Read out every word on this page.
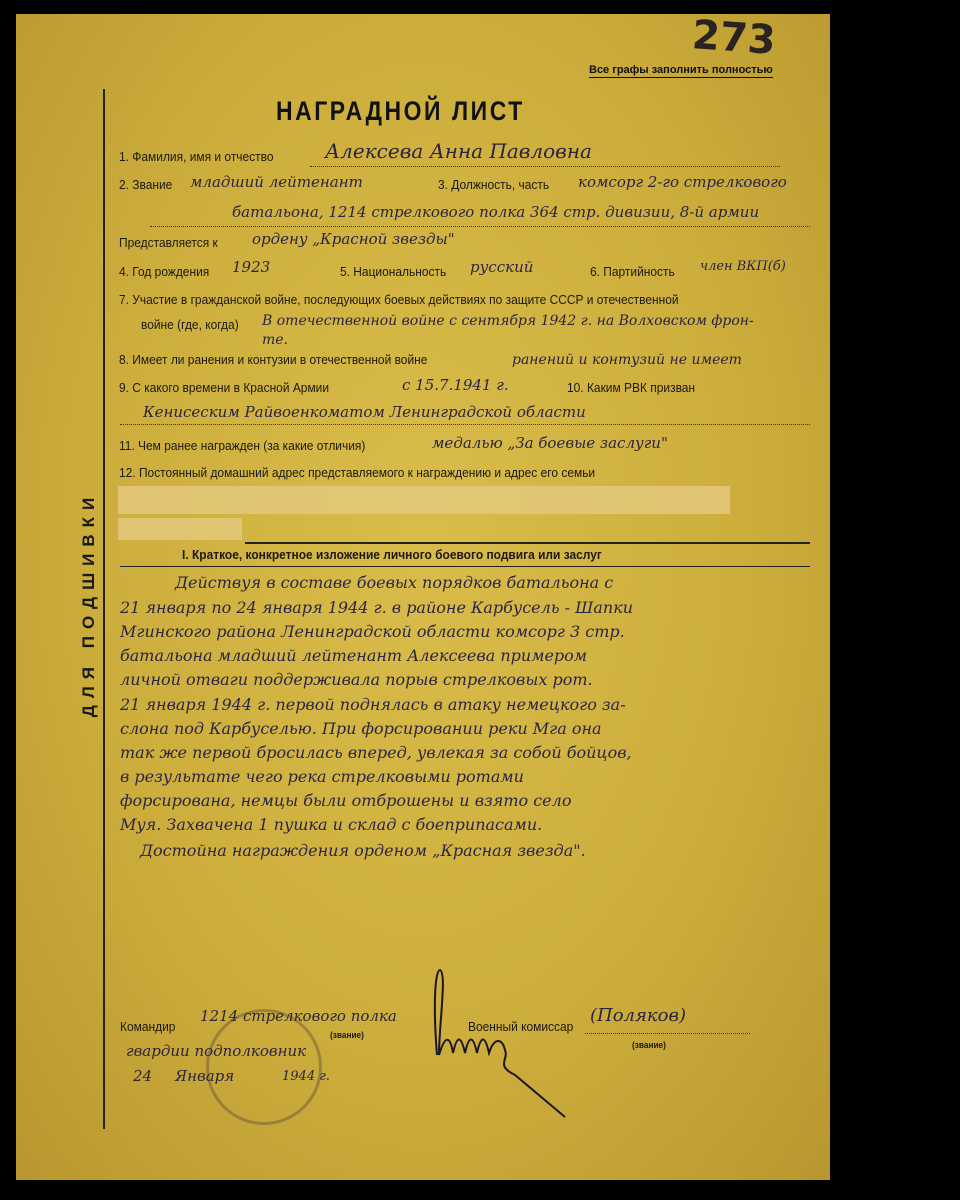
ДЛЯ ПОДШИВКИ
Все графы заполнить полностью
273
НАГРАДНОЙ ЛИСТ
1. Фамилия, имя и отчество	Алексева Анна Павловна
2. Звание младший лейтенант	3. Должность, часть комсорг 2-го стрелкового
батальона, 1214 стрелкового полка 364 стр. дивизии, 8-й армии
Представляется к ордену „Красной звезды"
4. Год рождения 1923	5. Национальность русский	6. Партийность член ВКП(б)
7. Участие в гражданской войне, последующих боевых действиях по защите СССР и отечественной
войне (где, когда) В отечественной войне с сентября 1942 г. на Волховском фрон-
те.
8. Имеет ли ранения и контузии в отечественной войне	ранений и контузий не имеет
9. С какого времени в Красной Армии	с 15.7.1941 г.	10. Каким РВК призван
Кенисеским Райвоенкоматом Ленинградской области
11. Чем ранее награжден (за какие отличия)	медалью „За боевые заслуги"
12. Постоянный домашний адрес представляемого к награждению и адрес его семьи
I. Краткое, конкретное изложение личного боевого подвига или заслуг
Действуя в составе боевых порядков батальона с
21 января по 24 января 1944 г. в районе Карбусель - Шапки
Мгинского района Ленинградской области комсорг 3 стр.
батальона младший лейтенант Алексеева примером
личной отваги поддерживала порыв стрелковых рот.
21 января 1944 г. первой поднялась в атаку немецкого за-
слона под Карбуселью. При форсировании реки Мга она
так же первой бросилась вперед, увлекая за собой бойцов,
в результате чего река стрелковыми ротами
форсирована, немцы были отброшены и взято село
Муя. Захвачена 1 пушка и склад с боеприпасами.
Достойна награждения орденом „Красная звезда".
Командир
1214 стрелкового полка
(звание)
гвардии подполковник
Военный комиссар
(Поляков)
(звание)
24 Января	1944 г.
